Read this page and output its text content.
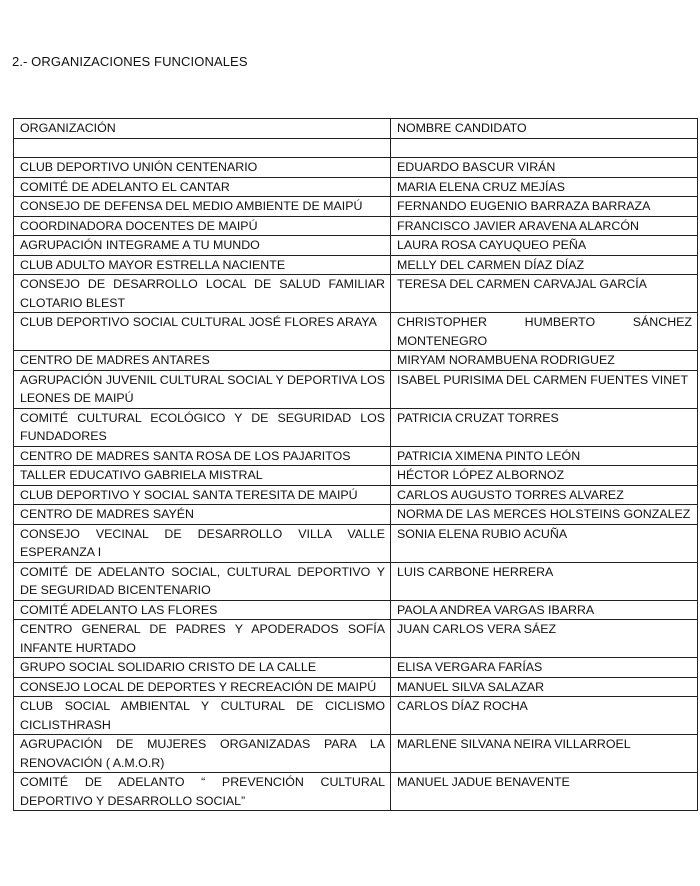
2.- ORGANIZACIONES FUNCIONALES
ORGANIZACIÓN	NOMBRE CANDIDATO

CLUB DEPORTIVO UNIÓN CENTENARIO	EDUARDO BASCUR VIRÁN
COMITÉ DE ADELANTO EL CANTAR	MARIA ELENA CRUZ MEJÍAS
CONSEJO DE DEFENSA DEL MEDIO AMBIENTE DE MAIPÚ	FERNANDO EUGENIO BARRAZA BARRAZA
COORDINADORA DOCENTES DE MAIPÚ	FRANCISCO JAVIER ARAVENA ALARCÓN
AGRUPACIÓN INTEGRAME A TU MUNDO	LAURA ROSA CAYUQUEO PEÑA
CLUB ADULTO MAYOR ESTRELLA NACIENTE	MELLY DEL CARMEN DÍAZ DÍAZ
CONSEJO DE DESARROLLO LOCAL DE SALUD FAMILIAR CLOTARIO BLEST	TERESA DEL CARMEN CARVAJAL GARCÍA
CLUB DEPORTIVO SOCIAL CULTURAL JOSÉ FLORES ARAYA	CHRISTOPHER HUMBERTO SÁNCHEZ MONTENEGRO
CENTRO DE MADRES ANTARES	MIRYAM NORAMBUENA RODRIGUEZ
AGRUPACIÓN JUVENIL CULTURAL SOCIAL Y DEPORTIVA LOS LEONES DE MAIPÚ	ISABEL PURISIMA DEL CARMEN FUENTES VINET
COMITÉ CULTURAL ECOLÓGICO Y DE SEGURIDAD LOS FUNDADORES	PATRICIA CRUZAT TORRES
CENTRO DE MADRES SANTA ROSA DE LOS PAJARITOS	PATRICIA XIMENA PINTO LEÓN
TALLER EDUCATIVO GABRIELA MISTRAL	HÉCTOR LÓPEZ ALBORNOZ
CLUB DEPORTIVO Y SOCIAL SANTA TERESITA DE MAIPÚ	CARLOS AUGUSTO TORRES ALVAREZ
CENTRO DE MADRES SAYÉN	NORMA DE LAS MERCES HOLSTEINS GONZALEZ
CONSEJO VECINAL DE DESARROLLO VILLA VALLE ESPERANZA I	SONIA ELENA RUBIO ACUÑA
COMITÉ DE ADELANTO SOCIAL, CULTURAL DEPORTIVO Y DE SEGURIDAD BICENTENARIO	LUIS CARBONE HERRERA
COMITÉ ADELANTO LAS FLORES	PAOLA ANDREA VARGAS IBARRA
CENTRO GENERAL DE PADRES Y APODERADOS SOFÍA INFANTE HURTADO	JUAN CARLOS VERA SÁEZ
GRUPO SOCIAL SOLIDARIO CRISTO DE LA CALLE	ELISA VERGARA FARÍAS
CONSEJO LOCAL DE DEPORTES Y RECREACIÓN DE MAIPÚ	MANUEL SILVA SALAZAR
CLUB SOCIAL AMBIENTAL Y CULTURAL DE CICLISMO CICLISTHRASH	CARLOS DÍAZ ROCHA
AGRUPACIÓN DE MUJERES ORGANIZADAS PARA LA RENOVACIÓN ( A.M.O.R)	MARLENE SILVANA NEIRA VILLARROEL
COMITÉ DE ADELANTO “ PREVENCIÓN CULTURAL DEPORTIVO Y DESARROLLO SOCIAL”	MANUEL JADUE BENAVENTE
